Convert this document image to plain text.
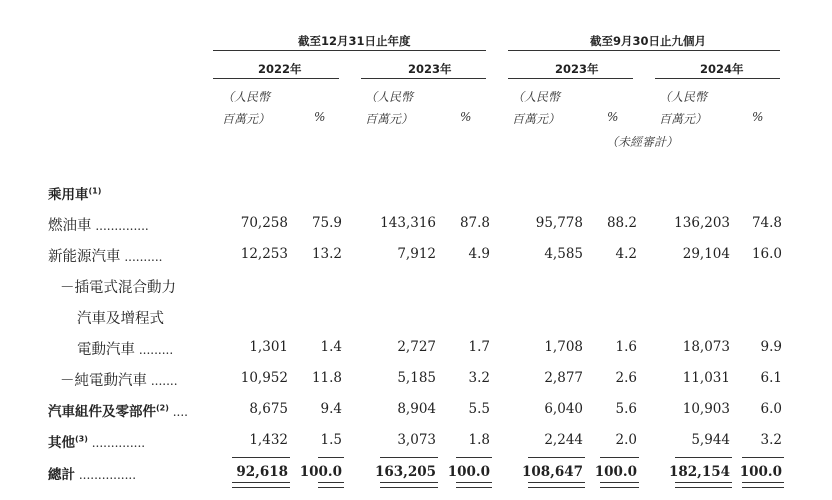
截至12月31日止年度	截至9月30日止九個月
2022年	2023年	2023年	2024年
（人民幣
百萬元）	%
（人民幣
百萬元）	%
（人民幣
百萬元）	%
（未經審計）
（人民幣
百萬元）	%
乘用車$^{(1)}$
燃油車 ..............	70,258 75.9	143,316 87.8	95,778 88.2	136,203 74.8
新能源汽車 ..........	12,253 13.2	7,912 4.9	4,585 4.2	29,104 16.0
－插電式混合動力
汽車及增程式
電動汽車 .........	1,301 1.4	2,727 1.7	1,708 1.6	18,073 9.9
－純電動汽車 .......	10,952 11.8	5,185 3.2	2,877 2.6	11,031 6.1
汽車組件及零部件$^{(2)}$ ....	8,675 9.4	8,904 5.5	6,040 5.6	10,903 6.0
其他$^{(3)}$ ..............	1,432 1.5	3,073 1.8	2,244 2.0	5,944 3.2
總計 ...............	92,618 100.0 163,205 100.0 108,647 100.0 182,154 100.0
